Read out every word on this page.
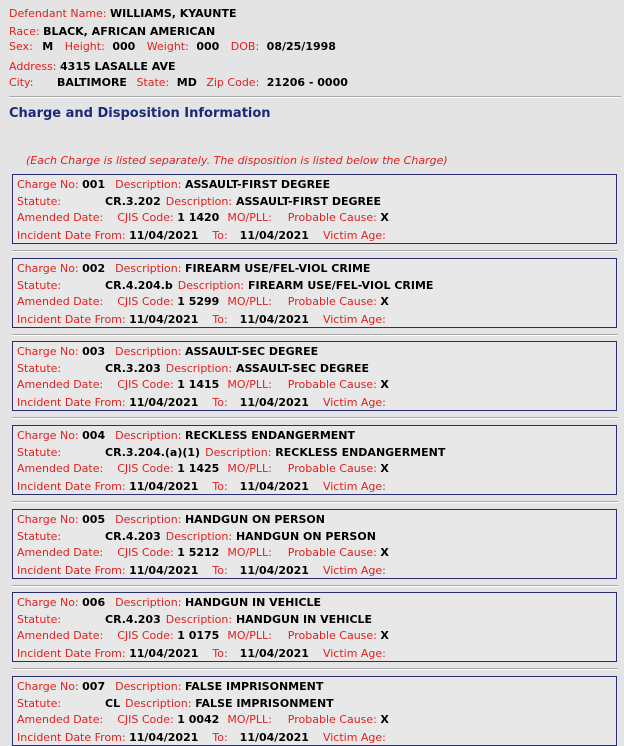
Defendant Name: WILLIAMS, KYAUNTE
Race: BLACK, AFRICAN AMERICAN
Sex: M Height: 000 Weight: 000 DOB: 08/25/1998
Address: 4315 LASALLE AVE
City: BALTIMORE State: MD Zip Code: 21206 - 0000
Charge and Disposition Information
(Each Charge is listed separately. The disposition is listed below the Charge)
Charge No: 001 Description: ASSAULT-FIRST DEGREE
Statute:	CR.3.202 Description: ASSAULT-FIRST DEGREE
Amended Date: CJIS Code: 1 1420 MO/PLL: Probable Cause: X
Incident Date From: 11/04/2021 To: 11/04/2021 Victim Age:
Charge No: 002 Description: FIREARM USE/FEL-VIOL CRIME
Statute:	CR.4.204.b Description: FIREARM USE/FEL-VIOL CRIME
Amended Date: CJIS Code: 1 5299 MO/PLL: Probable Cause: X
Incident Date From: 11/04/2021 To: 11/04/2021 Victim Age:
Charge No: 003 Description: ASSAULT-SEC DEGREE
Statute:	CR.3.203 Description: ASSAULT-SEC DEGREE
Amended Date: CJIS Code: 1 1415 MO/PLL: Probable Cause: X
Incident Date From: 11/04/2021 To: 11/04/2021 Victim Age:
Charge No: 004 Description: RECKLESS ENDANGERMENT
Statute:	CR.3.204.(a)(1) Description: RECKLESS ENDANGERMENT
Amended Date: CJIS Code: 1 1425 MO/PLL: Probable Cause: X
Incident Date From: 11/04/2021 To: 11/04/2021 Victim Age:
Charge No: 005 Description: HANDGUN ON PERSON
Statute:	CR.4.203 Description: HANDGUN ON PERSON
Amended Date: CJIS Code: 1 5212 MO/PLL: Probable Cause: X
Incident Date From: 11/04/2021 To: 11/04/2021 Victim Age:
Charge No: 006 Description: HANDGUN IN VEHICLE
Statute:	CR.4.203 Description: HANDGUN IN VEHICLE
Amended Date: CJIS Code: 1 0175 MO/PLL: Probable Cause: X
Incident Date From: 11/04/2021 To: 11/04/2021 Victim Age:
Charge No: 007 Description: FALSE IMPRISONMENT
Statute:	CL Description: FALSE IMPRISONMENT
Amended Date: CJIS Code: 1 0042 MO/PLL: Probable Cause: X
Incident Date From: 11/04/2021 To: 11/04/2021 Victim Age:
